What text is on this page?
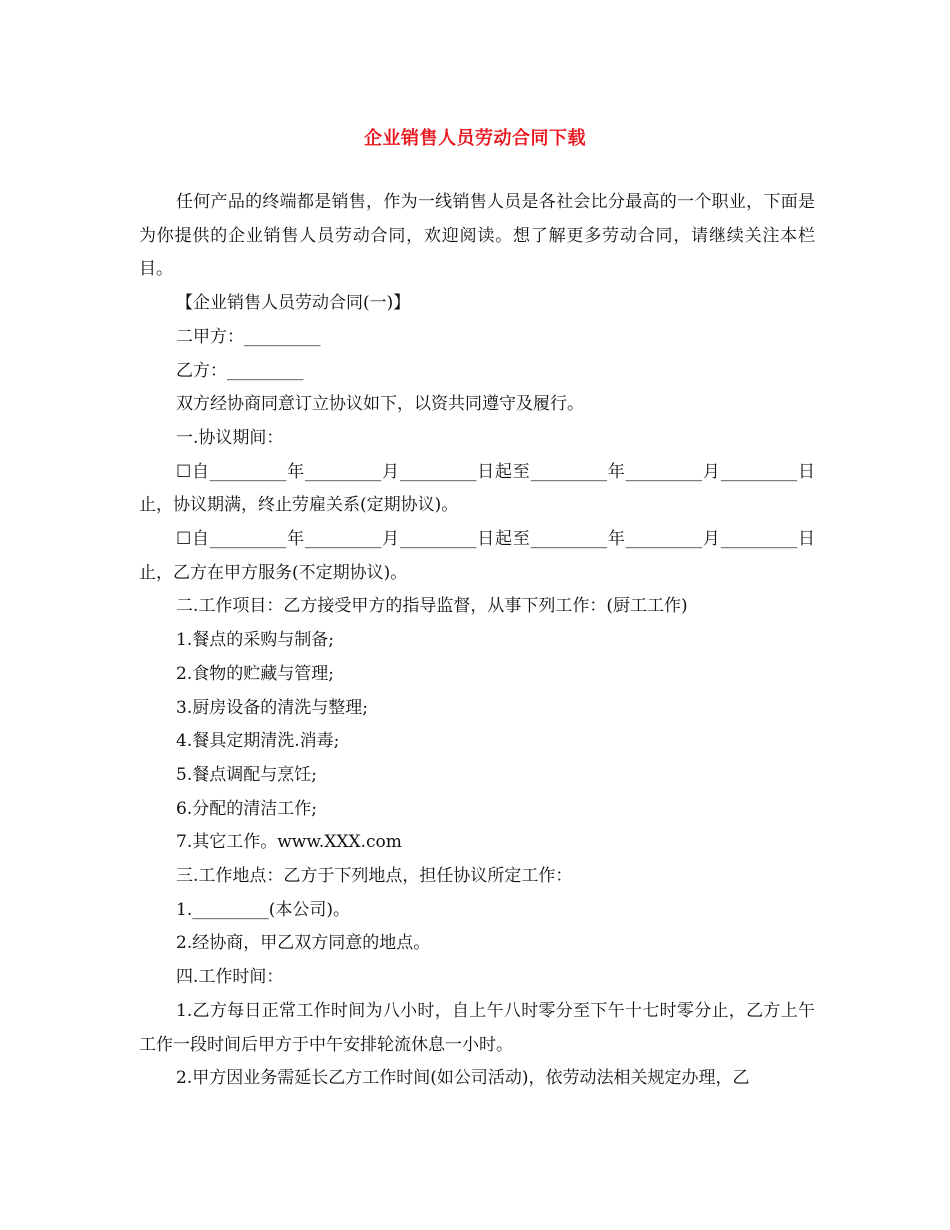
企业销售人员劳动合同下载

任何产品的终端都是销售，作为一线销售人员是各社会比分最高的一个职业，下面是为你提供的企业销售人员劳动合同，欢迎阅读。想了解更多劳动合同，请继续关注本栏目。

【企业销售人员劳动合同(一)】

二甲方：_________

乙方：_________

双方经协商同意订立协议如下，以资共同遵守及履行。

一.协议期间：

☐自_________年_________月_________日起至_________年_________月_________日止，协议期满，终止劳雇关系(定期协议)。

☐自_________年_________月_________日起至_________年_________月_________日止，乙方在甲方服务(不定期协议)。

二.工作项目：乙方接受甲方的指导监督，从事下列工作：(厨工工作)

1.餐点的采购与制备;

2.食物的贮藏与管理;

3.厨房设备的清洗与整理;

4.餐具定期清洗.消毒;

5.餐点调配与烹饪;

6.分配的清洁工作;

7.其它工作。www.XXX.com

三.工作地点：乙方于下列地点，担任协议所定工作：

1._________(本公司)。

2.经协商，甲乙双方同意的地点。

四.工作时间：

1.乙方每日正常工作时间为八小时，自上午八时零分至下午十七时零分止，乙方上午工作一段时间后甲方于中午安排轮流休息一小时。

2.甲方因业务需延长乙方工作时间(如公司活动)，依劳动法相关规定办理，乙
